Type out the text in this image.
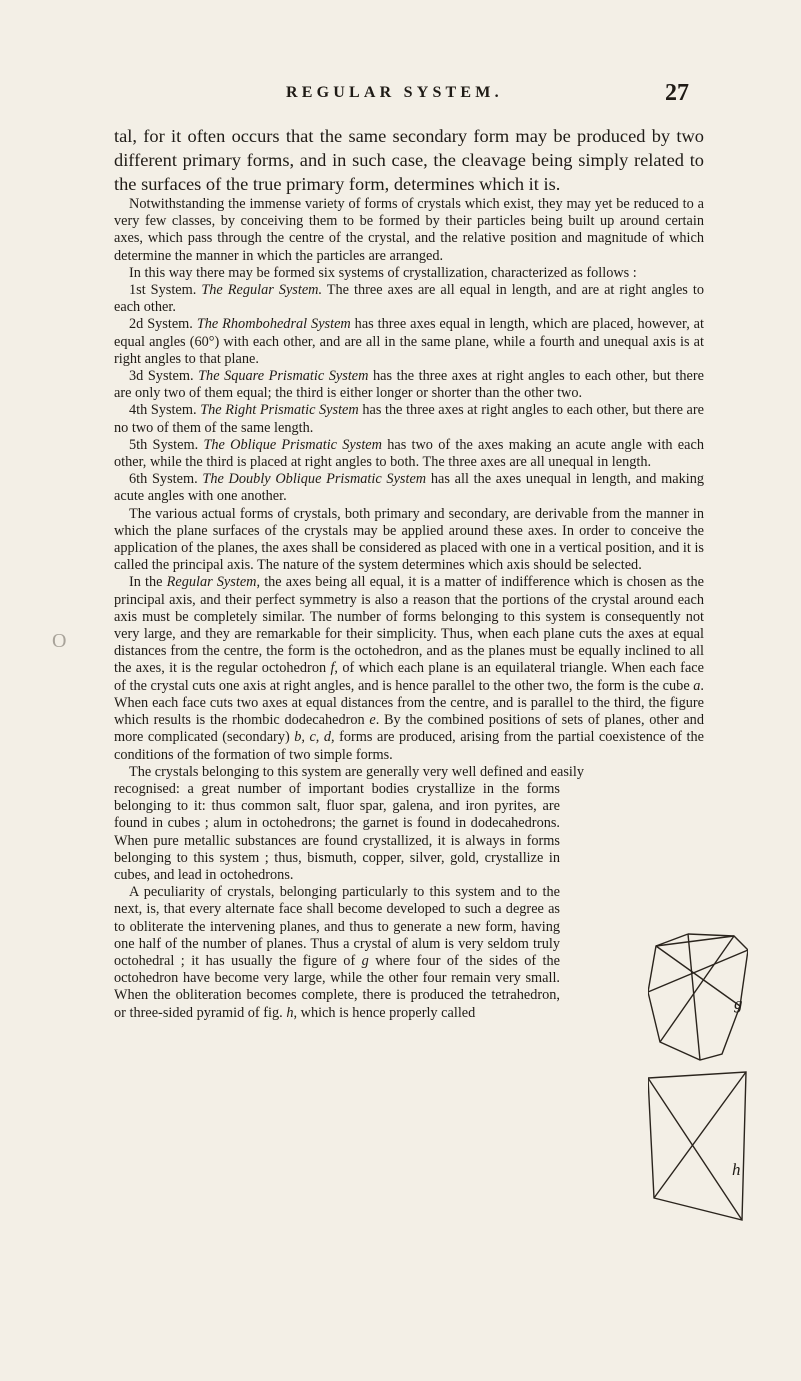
REGULAR SYSTEM.	27
O

tal, for it often occurs that the same secondary form may be produced by two different primary forms, and in such case, the cleavage being simply related to the surfaces of the true primary form, determines which it is.

Notwithstanding the immense variety of forms of crystals which exist, they may yet be reduced to a very few classes, by conceiving them to be formed by their particles being built up around certain axes, which pass through the centre of the crystal, and the relative position and magnitude of which determine the manner in which the particles are arranged.

In this way there may be formed six systems of crystallization, characterized as follows :

1st System. The Regular System. The three axes are all equal in length, and are at right angles to each other.

2d System. The Rhombohedral System has three axes equal in length, which are placed, however, at equal angles (60°) with each other, and are all in the same plane, while a fourth and unequal axis is at right angles to that plane.

3d System. The Square Prismatic System has the three axes at right angles to each other, but there are only two of them equal; the third is either longer or shorter than the other two.

4th System. The Right Prismatic System has the three axes at right angles to each other, but there are no two of them of the same length.

5th System. The Oblique Prismatic System has two of the axes making an acute angle with each other, while the third is placed at right angles to both. The three axes are all unequal in length.

6th System. The Doubly Oblique Prismatic System has all the axes unequal in length, and making acute angles with one another.

The various actual forms of crystals, both primary and secondary, are derivable from the manner in which the plane surfaces of the crystals may be applied around these axes. In order to conceive the application of the planes, the axes shall be considered as placed with one in a vertical position, and it is called the principal axis. The nature of the system determines which axis should be selected.

In the Regular System, the axes being all equal, it is a matter of indifference which is chosen as the principal axis, and their perfect symmetry is also a reason that the portions of the crystal around each axis must be completely similar. The number of forms belonging to this system is consequently not very large, and they are remarkable for their simplicity. Thus, when each plane cuts the axes at equal distances from the centre, the form is the octohedron, and as the planes must be equally inclined to all the axes, it is the regular octohedron f, of which each plane is an equilateral triangle. When each face of the crystal cuts one axis at right angles, and is hence parallel to the other two, the form is the cube a. When each face cuts two axes at equal distances from the centre, and is parallel to the third, the figure which results is the rhombic dodecahedron e. By the combined positions of sets of planes, other and more complicated (secondary) b, c, d, forms are produced, arising from the partial coexistence of the conditions of the formation of two simple forms.

The crystals belonging to this system are generally very well defined and easily

recognised: a great number of important bodies crystallize in the forms belonging to it: thus common salt, fluor spar, galena, and iron pyrites, are found in cubes ; alum in octohedrons; the garnet is found in dodecahedrons. When pure metallic substances are found crystallized, it is always in forms belonging to this system ; thus, bismuth, copper, silver, gold, crystallize in cubes, and lead in octohedrons.

A peculiarity of crystals, belonging particularly to this system and to the next, is, that every alternate face shall become developed to such a degree as to obliterate the intervening planes, and thus to generate a new form, having one half of the number of planes. Thus a crystal of alum is very seldom truly octohedral ; it has usually the figure of g where four of the sides of the octohedron have become very large, while the other four remain very small. When the obliteration becomes complete, there is produced the tetrahedron, or three-sided pyramid of fig. h, which is hence properly called	g
h
